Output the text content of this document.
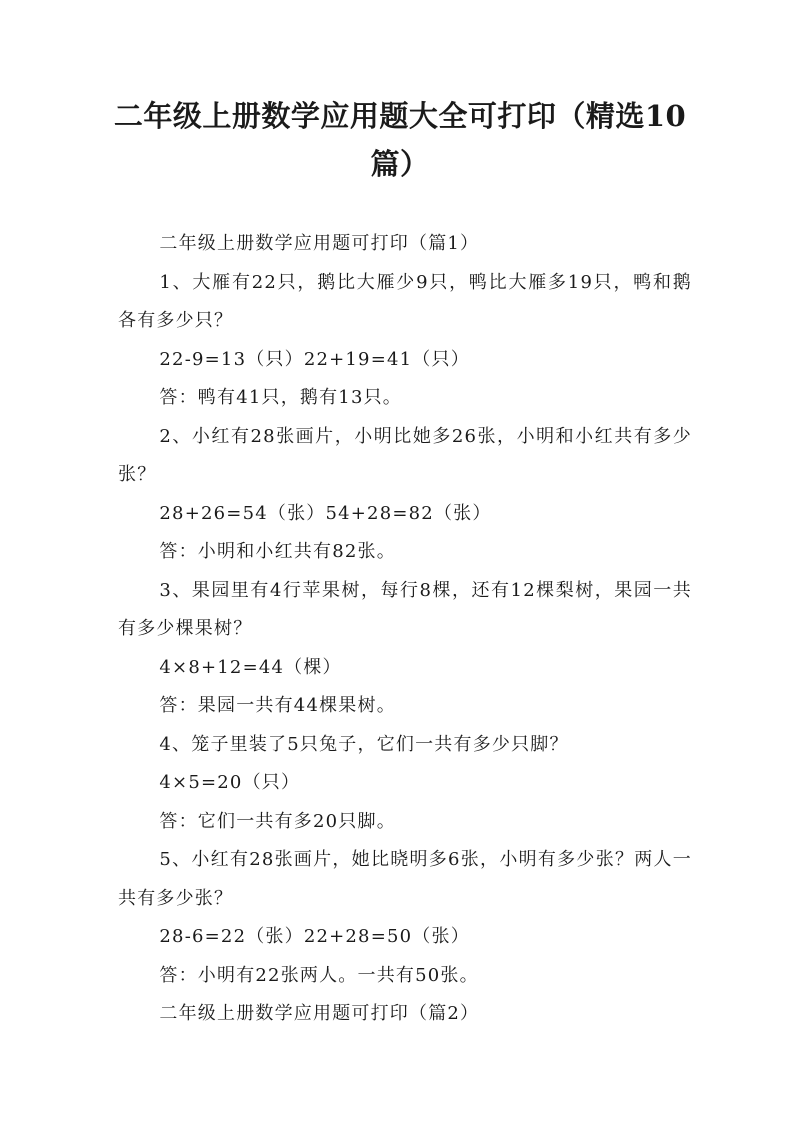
二年级上册数学应用题大全可打印（精选10篇）

二年级上册数学应用题可打印（篇1）

1、大雁有22只，鹅比大雁少9只，鸭比大雁多19只，鸭和鹅各有多少只？

22-9=13（只）22+19=41（只）

答：鸭有41只，鹅有13只。

2、小红有28张画片，小明比她多26张，小明和小红共有多少张？

28+26=54（张）54+28=82（张）

答：小明和小红共有82张。

3、果园里有4行苹果树，每行8棵，还有12棵梨树，果园一共有多少棵果树？

4×8+12=44（棵）

答：果园一共有44棵果树。

4、笼子里装了5只兔子，它们一共有多少只脚？

4×5=20（只）

答：它们一共有多20只脚。

5、小红有28张画片，她比晓明多6张，小明有多少张？两人一共有多少张？

28-6=22（张）22+28=50（张）

答：小明有22张两人。一共有50张。

二年级上册数学应用题可打印（篇2）
